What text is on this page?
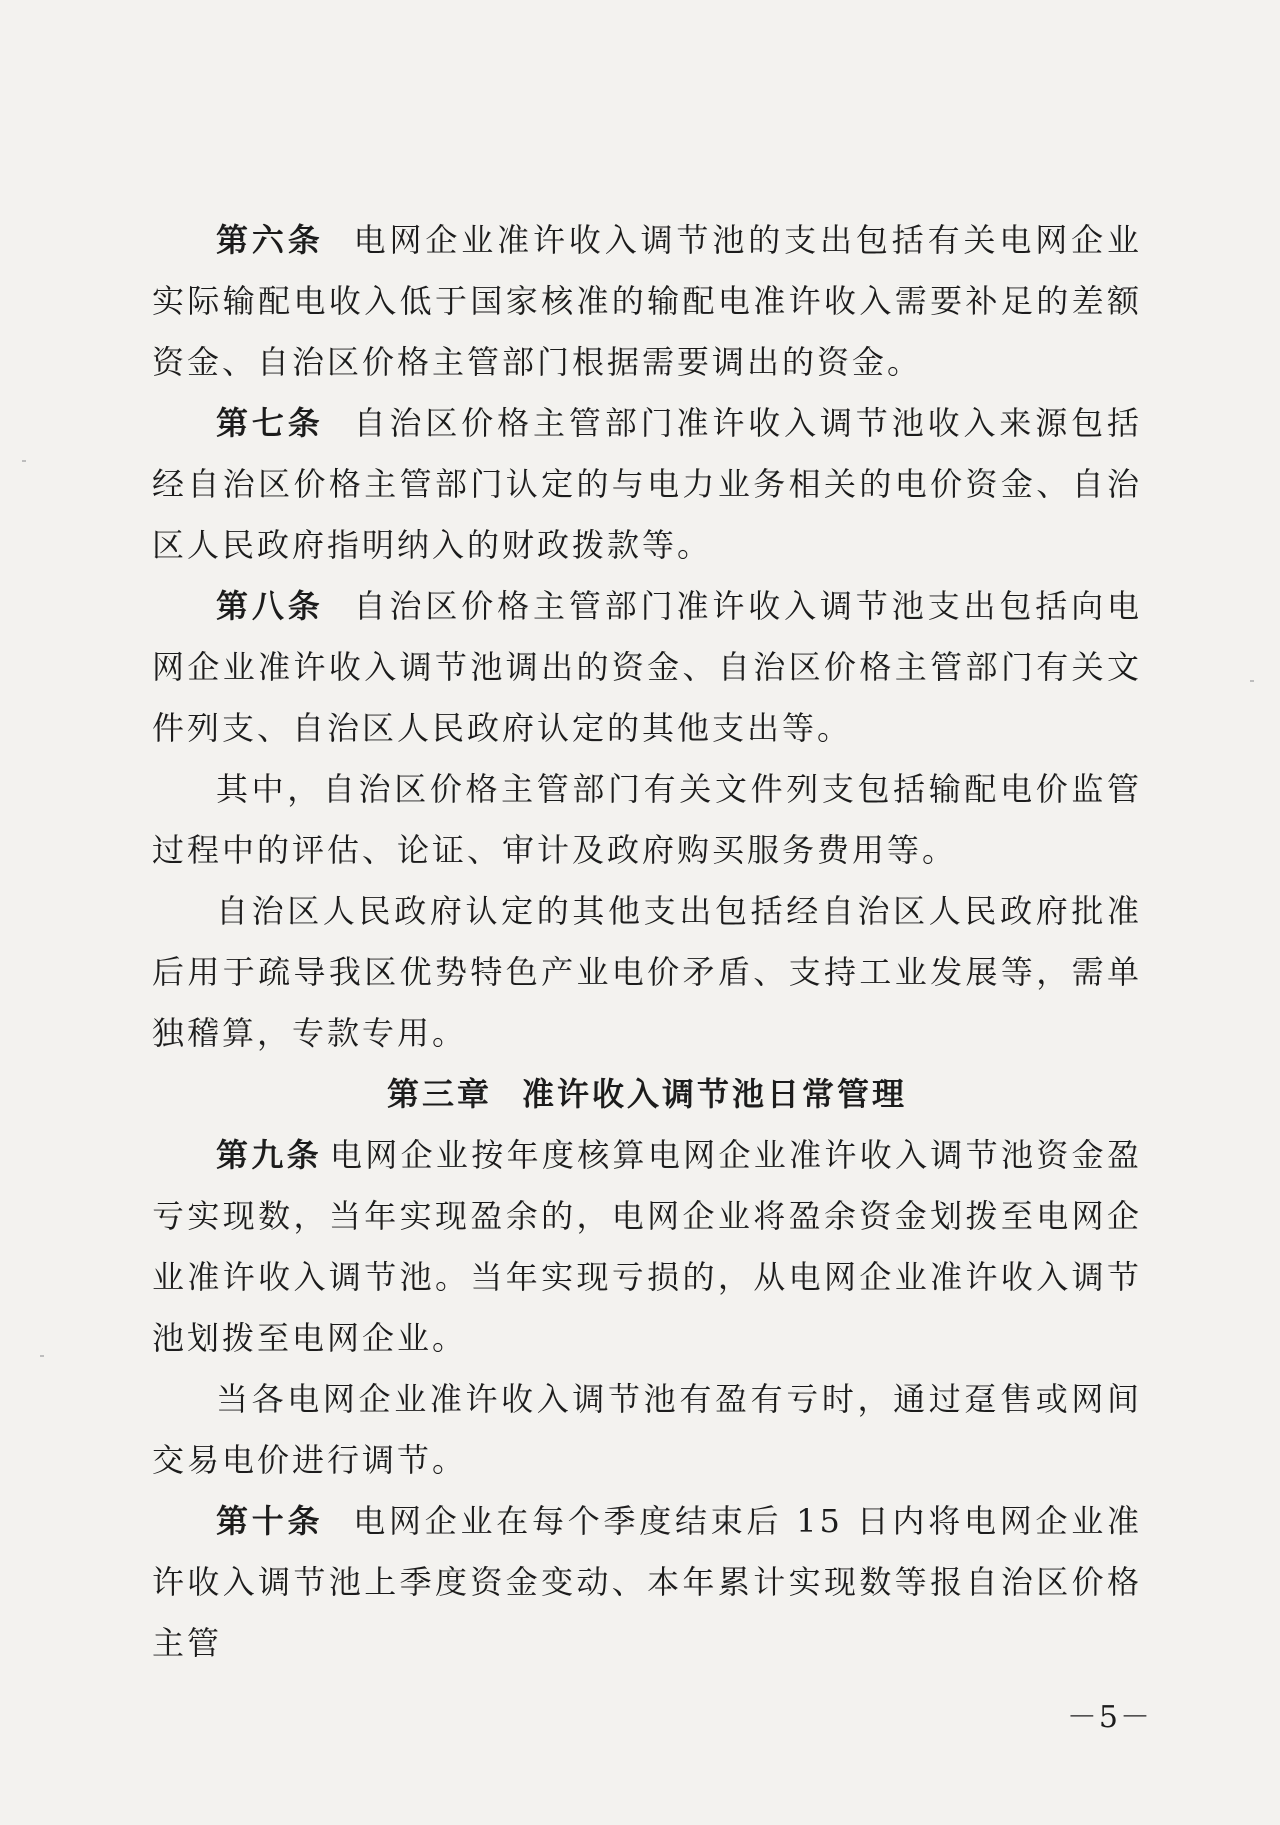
第六条 电网企业准许收入调节池的支出包括有关电网企业实际输配电收入低于国家核准的输配电准许收入需要补足的差额资金、自治区价格主管部门根据需要调出的资金。

第七条 自治区价格主管部门准许收入调节池收入来源包括经自治区价格主管部门认定的与电力业务相关的电价资金、自治区人民政府指明纳入的财政拨款等。

第八条 自治区价格主管部门准许收入调节池支出包括向电网企业准许收入调节池调出的资金、自治区价格主管部门有关文件列支、自治区人民政府认定的其他支出等。

其中，自治区价格主管部门有关文件列支包括输配电价监管过程中的评估、论证、审计及政府购买服务费用等。

自治区人民政府认定的其他支出包括经自治区人民政府批准后用于疏导我区优势特色产业电价矛盾、支持工业发展等，需单独稽算，专款专用。

第三章 准许收入调节池日常管理

第九条 电网企业按年度核算电网企业准许收入调节池资金盈亏实现数，当年实现盈余的，电网企业将盈余资金划拨至电网企业准许收入调节池。当年实现亏损的，从电网企业准许收入调节池划拨至电网企业。

当各电网企业准许收入调节池有盈有亏时，通过趸售或网间交易电价进行调节。

第十条 电网企业在每个季度结束后 15 日内将电网企业准许收入调节池上季度资金变动、本年累计实现数等报自治区价格主管

－5－
